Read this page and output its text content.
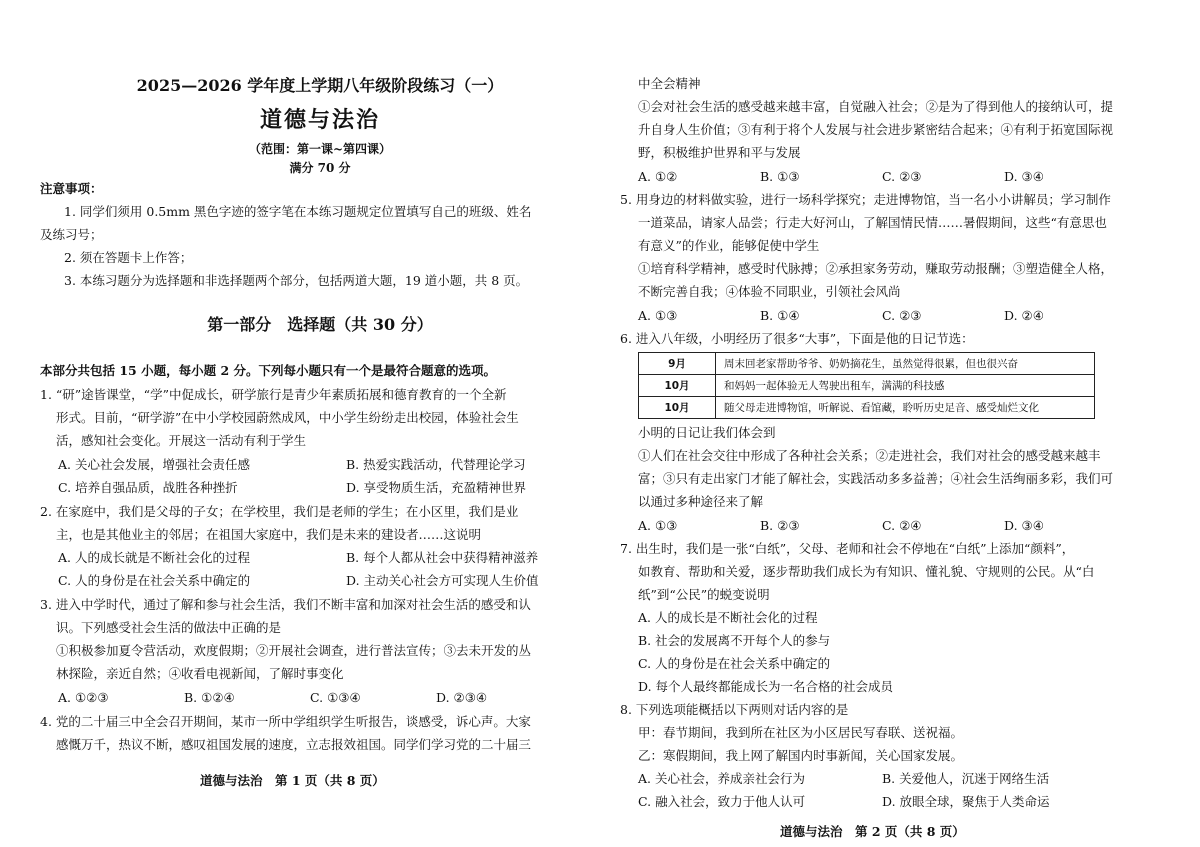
2025—2026 学年度上学期八年级阶段练习（一）
道德与法治
（范围：第一课~第四课）
满分 70 分
注意事项：
1. 同学们须用 0.5mm 黑色字迹的签字笔在本练习题规定位置填写自己的班级、姓名
及练习号；
2. 须在答题卡上作答；
3. 本练习题分为选择题和非选择题两个部分，包括两道大题，19 道小题，共 8 页。
第一部分　选择题（共 30 分）
本部分共包括 15 小题，每小题 2 分。下列每小题只有一个是最符合题意的选项。
1. “研”途皆课堂，“学”中促成长，研学旅行是青少年素质拓展和德育教育的一个全新
形式。目前，“研学游”在中小学校园蔚然成风，中小学生纷纷走出校园，体验社会生
活，感知社会变化。开展这一活动有利于学生
A. 关心社会发展，增强社会责任感	B. 热爱实践活动，代替理论学习
C. 培养自强品质，战胜各种挫折	D. 享受物质生活，充盈精神世界
2. 在家庭中，我们是父母的子女；在学校里，我们是老师的学生；在小区里，我们是业
主，也是其他业主的邻居；在祖国大家庭中，我们是未来的建设者……这说明
A. 人的成长就是不断社会化的过程	B. 每个人都从社会中获得精神滋养
C. 人的身份是在社会关系中确定的	D. 主动关心社会方可实现人生价值
3. 进入中学时代，通过了解和参与社会生活，我们不断丰富和加深对社会生活的感受和认
识。下列感受社会生活的做法中正确的是
①积极参加夏令营活动，欢度假期；②开展社会调查，进行普法宣传；③去未开发的丛
林探险，亲近自然；④收看电视新闻，了解时事变化
A. ①②③	B. ①②④	C. ①③④	D. ②③④
4. 党的二十届三中全会召开期间，某市一所中学组织学生听报告，谈感受，诉心声。大家
感慨万千，热议不断，感叹祖国发展的速度，立志报效祖国。同学们学习党的二十届三
道德与法治　第 1 页（共 8 页）
中全会精神
①会对社会生活的感受越来越丰富，自觉融入社会；②是为了得到他人的接纳认可，提
升自身人生价值；③有利于将个人发展与社会进步紧密结合起来；④有利于拓宽国际视
野，积极维护世界和平与发展
A. ①②	B. ①③	C. ②③	D. ③④
5. 用身边的材料做实验，进行一场科学探究；走进博物馆，当一名小小讲解员；学习制作
一道菜品，请家人品尝；行走大好河山，了解国情民情……暑假期间，这些“有意思也
有意义”的作业，能够促使中学生
①培育科学精神，感受时代脉搏；②承担家务劳动，赚取劳动报酬；③塑造健全人格，
不断完善自我；④体验不同职业，引领社会风尚
A. ①③	B. ①④	C. ②③	D. ②④
6. 进入八年级，小明经历了很多“大事”，下面是他的日记节选：
9月	周末回老家帮助爷爷、奶奶摘花生，虽然觉得很累，但也很兴奋
10月	和妈妈一起体验无人驾驶出租车，满满的科技感
10月	随父母走进博物馆，听解说、看馆藏，聆听历史足音、感受灿烂文化
小明的日记让我们体会到
①人们在社会交往中形成了各种社会关系；②走进社会，我们对社会的感受越来越丰
富；③只有走出家门才能了解社会，实践活动多多益善；④社会生活绚丽多彩，我们可
以通过多种途径来了解
A. ①③	B. ②③	C. ②④	D. ③④
7. 出生时，我们是一张“白纸”，父母、老师和社会不停地在“白纸”上添加“颜料”，
如教育、帮助和关爱，逐步帮助我们成长为有知识、懂礼貌、守规则的公民。从“白
纸”到“公民”的蜕变说明
A. 人的成长是不断社会化的过程
B. 社会的发展离不开每个人的参与
C. 人的身份是在社会关系中确定的
D. 每个人最终都能成长为一名合格的社会成员
8. 下列选项能概括以下两则对话内容的是
甲：春节期间，我到所在社区为小区居民写春联、送祝福。
乙：寒假期间，我上网了解国内时事新闻，关心国家发展。
A. 关心社会，养成亲社会行为	B. 关爱他人，沉迷于网络生活
C. 融入社会，致力于他人认可	D. 放眼全球，聚焦于人类命运
道德与法治　第 2 页（共 8 页）
